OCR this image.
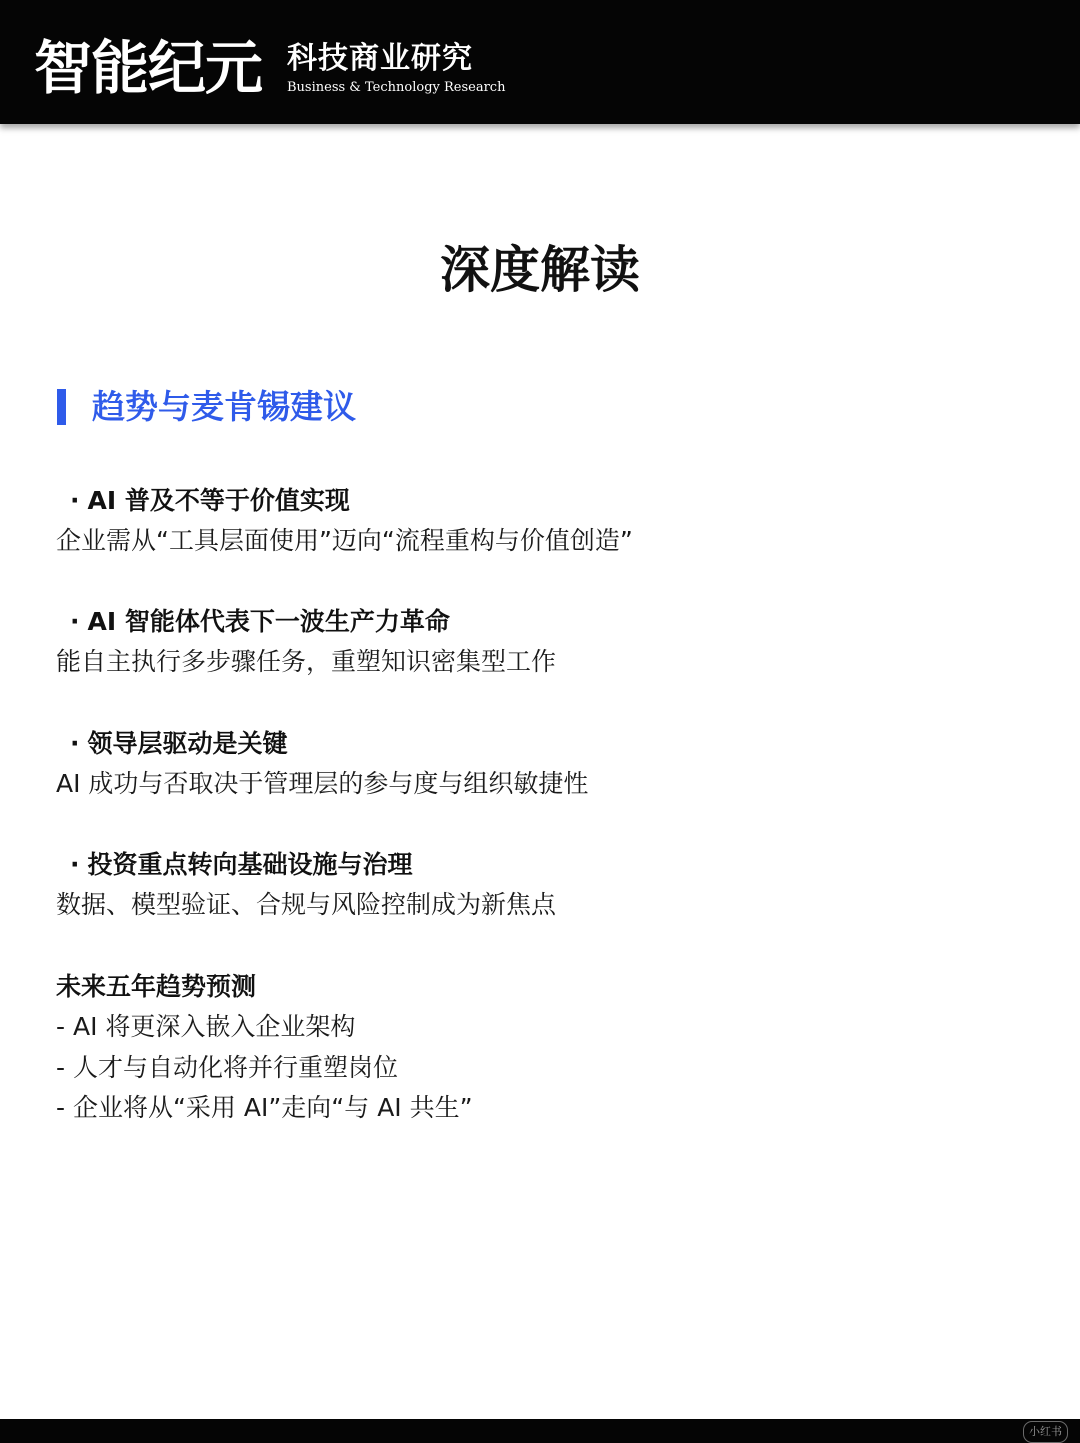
智能纪元 科技商业研究
Business & Technology Research
深度解读
趋势与麦肯锡建议
· AI 普及不等于价值实现
企业需从“工具层面使用”迈向“流程重构与价值创造”
· AI 智能体代表下一波生产力革命
能自主执行多步骤任务，重塑知识密集型工作
· 领导层驱动是关键
AI 成功与否取决于管理层的参与度与组织敏捷性
· 投资重点转向基础设施与治理
数据、模型验证、合规与风险控制成为新焦点
未来五年趋势预测
- AI 将更深入嵌入企业架构
- 人才与自动化将并行重塑岗位
- 企业将从“采用 AI”走向“与 AI 共生”
小红书
